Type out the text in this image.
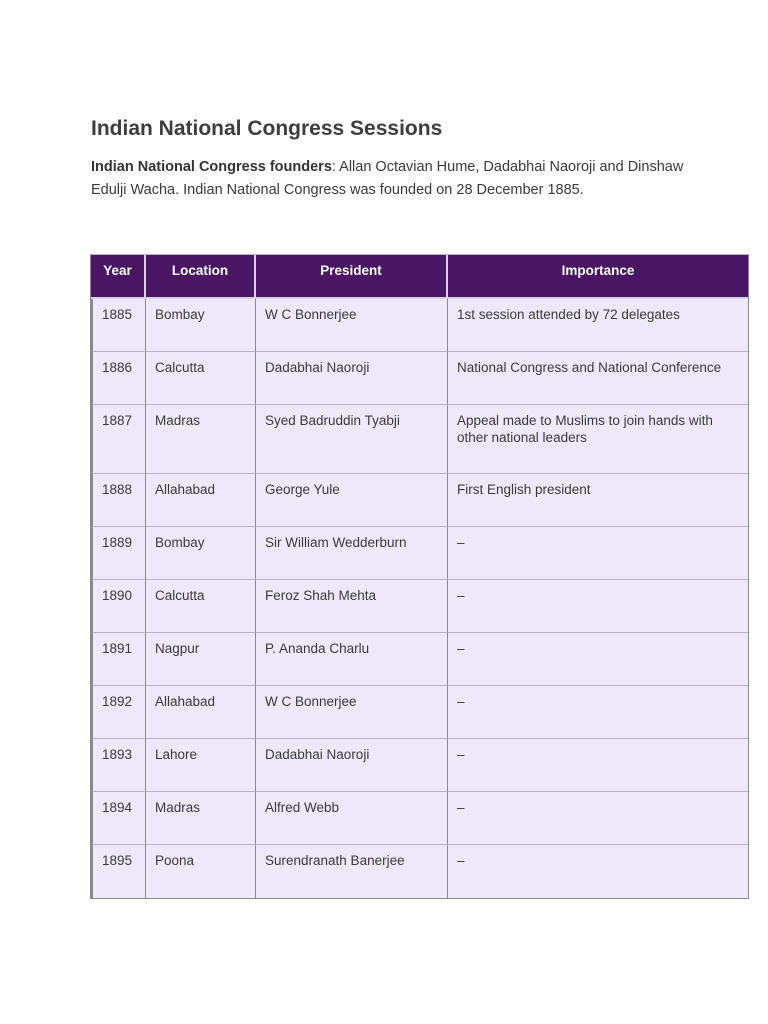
Indian National Congress Sessions

Indian National Congress founders: Allan Octavian Hume, Dadabhai Naoroji and Dinshaw Edulji Wacha. Indian National Congress was founded on 28 December 1885.

Year	Location	President	Importance
1885	Bombay	W C Bonnerjee	1st session attended by 72 delegates
1886	Calcutta	Dadabhai Naoroji	National Congress and National Conference
1887	Madras	Syed Badruddin Tyabji	Appeal made to Muslims to join hands with other national leaders
1888	Allahabad	George Yule	First English president
1889	Bombay	Sir William Wedderburn	–
1890	Calcutta	Feroz Shah Mehta	–
1891	Nagpur	P. Ananda Charlu	–
1892	Allahabad	W C Bonnerjee	–
1893	Lahore	Dadabhai Naoroji	–
1894	Madras	Alfred Webb	–
1895	Poona	Surendranath Banerjee	–
